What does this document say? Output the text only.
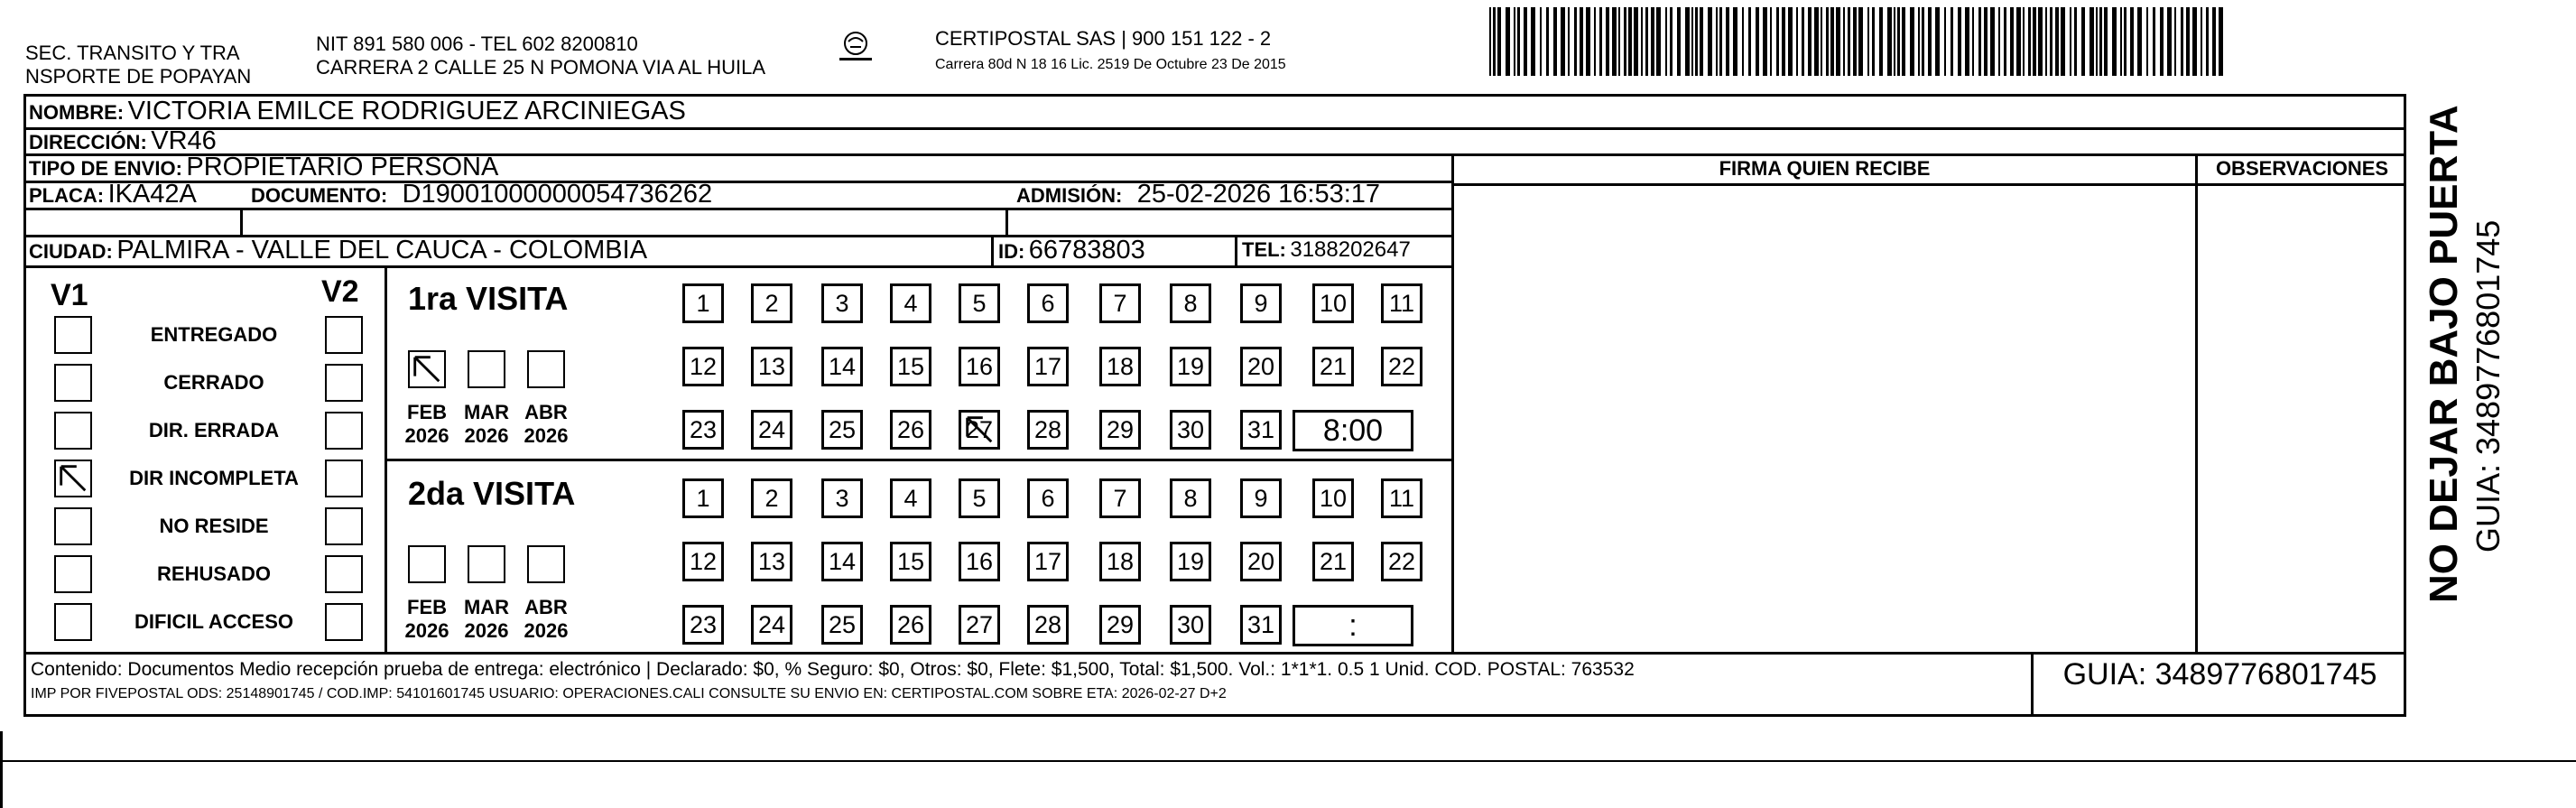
SEC. TRANSITO Y TRA
NSPORTE DE POPAYAN
NIT 891 580 006 - TEL 602 8200810
CARRERA 2 CALLE 25 N POMONA VIA AL HUILA
CERTIPOSTAL SAS | 900 151 122 - 2
Carrera 80d N 18 16 Lic. 2519 De Octubre 23 De 2015
NOMBRE: VICTORIA EMILCE RODRIGUEZ ARCINIEGAS
DIRECCIÓN: VR46
TIPO DE ENVIO: PROPIETARIO PERSONA
PLACA: IKA42A	DOCUMENTO: D19001000000054736262	ADMISIÓN: 25-02-2026 16:53:17
CIUDAD: PALMIRA - VALLE DEL CAUCA - COLOMBIA	ID: 66783803	TEL: 3188202647
FIRMA QUIEN RECIBE	OBSERVACIONES
V1	V2
ENTREGADO
CERRADO
DIR. ERRADA
DIR INCOMPLETA
NO RESIDE
REHUSADO
DIFICIL ACCESO
1ra VISITA
FEB
2026
MAR
2026
ABR
2026
1	2	3	4	5	6	7	8	9	10	11
12 13 14 15 16 17 18 19 20 21 22
23 24 25 26 27 28 29 30 31	8:00
2da VISITA
FEB
2026
MAR
2026
ABR
2026
1	2	3	4	5	6	7	8	9	10	11
12 13 14 15 16 17 18 19 20 21 22
23 24 25 26 27 28 29 30 31	:
Contenido: Documentos Medio recepción prueba de entrega: electrónico | Declarado: $0, % Seguro: $0, Otros: $0, Flete: $1,500, Total: $1,500. Vol.: 1*1*1. 0.5 1 Unid. COD. POSTAL: 763532
IMP POR FIVEPOSTAL ODS: 25148901745 / COD.IMP: 54101601745 USUARIO: OPERACIONES.CALI CONSULTE SU ENVIO EN: CERTIPOSTAL.COM SOBRE ETA: 2026-02-27 D+2
GUIA: 3489776801745
NO DEJAR BAJO PUERTA GUIA: 3489776801745
